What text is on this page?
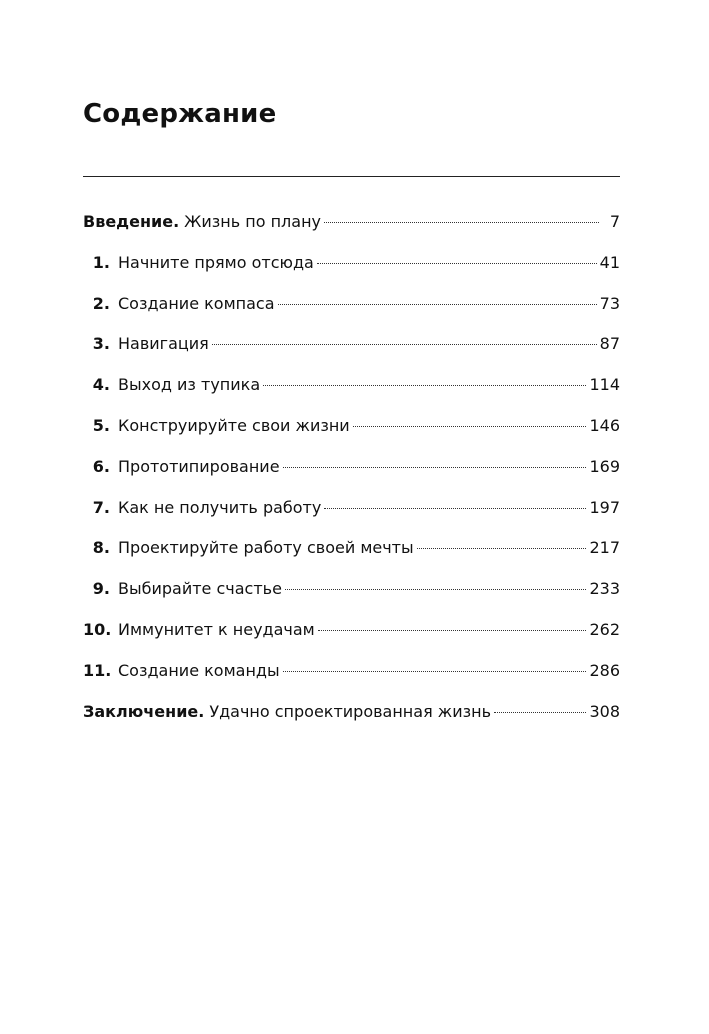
Содержание
Введение. Жизнь по плану	7
1. Начните прямо отсюда	41
2. Создание компаса	73
3. Навигация	87
4. Выход из тупика	114
5. Конструируйте свои жизни	146
6. Прототипирование	169
7. Как не получить работу	197
8. Проектируйте работу своей мечты	217
9. Выбирайте счастье	233
10. Иммунитет к неудачам	262
11. Создание команды	286
Заключение. Удачно спроектированная жизнь	308
